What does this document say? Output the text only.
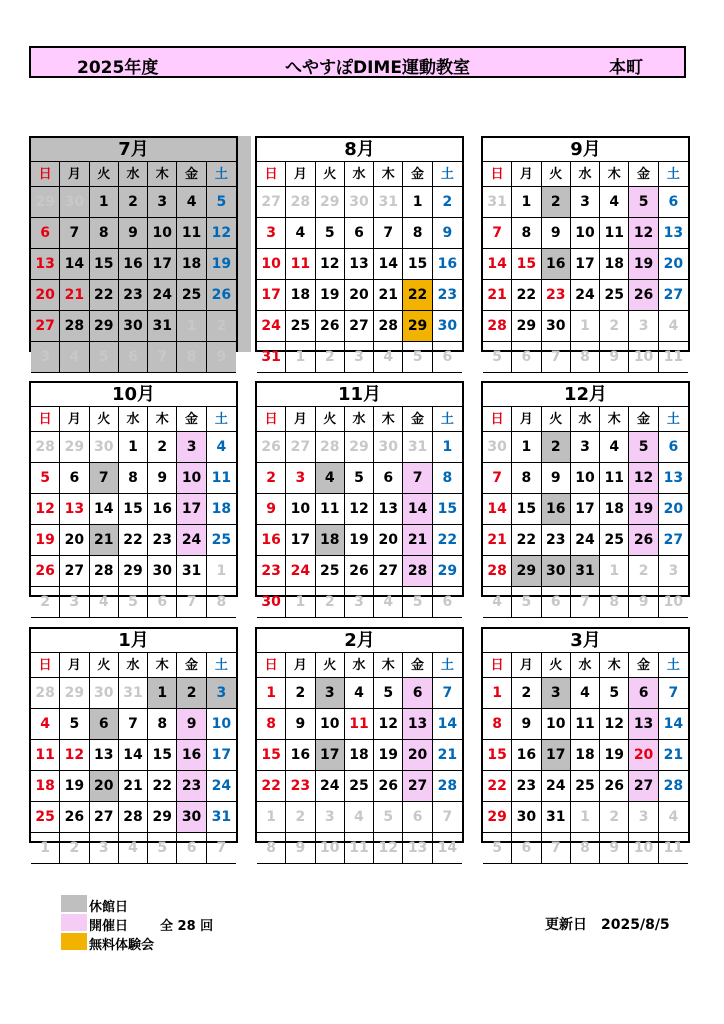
2025年度	へやすぽDIME運動教室	本町
7月
日	月	火	水	木	金	土
29 30	1	2	3	4	5
6	7	8	9	10 11 12
13 14 15 16 17 18 19
20 21 22 23 24 25 26
27 28 29 30 31	1	2
3	4	5	6	7	8	9
8月
日	月	火	水	木	金	土
27 28 29 30 31	1	2
3	4	5	6	7	8	9
10 11 12 13 14 15 16
17 18 19 20 21 22 23
24 25 26 27 28 29 30
31	1	2	3	4	5	6
9月
日	月	火	水	木	金	土
31	1	2	3	4	5	6
7	8	9	10 11 12 13
14 15 16 17 18 19 20
21 22 23 24 25 26 27
28 29 30	1	2	3	4
5	6	7	8	9	10 11
10月
日	月	火	水	木	金	土
28 29 30	1	2	3	4
5	6	7	8	9	10 11
12 13 14 15 16 17 18
19 20 21 22 23 24 25
26 27 28 29 30 31	1
2	3	4	5	6	7	8
11月
日	月	火	水	木	金	土
26 27 28 29 30 31	1
2	3	4	5	6	7	8
9	10 11 12 13 14 15
16 17 18 19 20 21 22
23 24 25 26 27 28 29
30	1	2	3	4	5	6
12月
日	月	火	水	木	金	土
30	1	2	3	4	5	6
7	8	9	10 11 12 13
14 15 16 17 18 19 20
21 22 23 24 25 26 27
28 29 30 31	1	2	3
4	5	6	7	8	9	10
1月
日	月	火	水	木	金	土
28 29 30 31	1	2	3
4	5	6	7	8	9	10
11 12 13 14 15 16 17
18 19 20 21 22 23 24
25 26 27 28 29 30 31
1	2	3	4	5	6	7
2月
日	月	火	水	木	金	土
1	2	3	4	5	6	7
8	9	10 11 12 13 14
15 16 17 18 19 20 21
22 23 24 25 26 27 28
1	2	3	4	5	6	7
8	9	10 11 12 13 14
3月
日	月	火	水	木	金	土
1	2	3	4	5	6	7
8	9	10 11 12 13 14
15 16 17 18 19 20 21
22 23 24 25 26 27 28
29 30 31	1	2	3	4
5	6	7	8	9	10 11
休館日
開催日
無料体験会
全 28 回	更新日　2025/8/5
